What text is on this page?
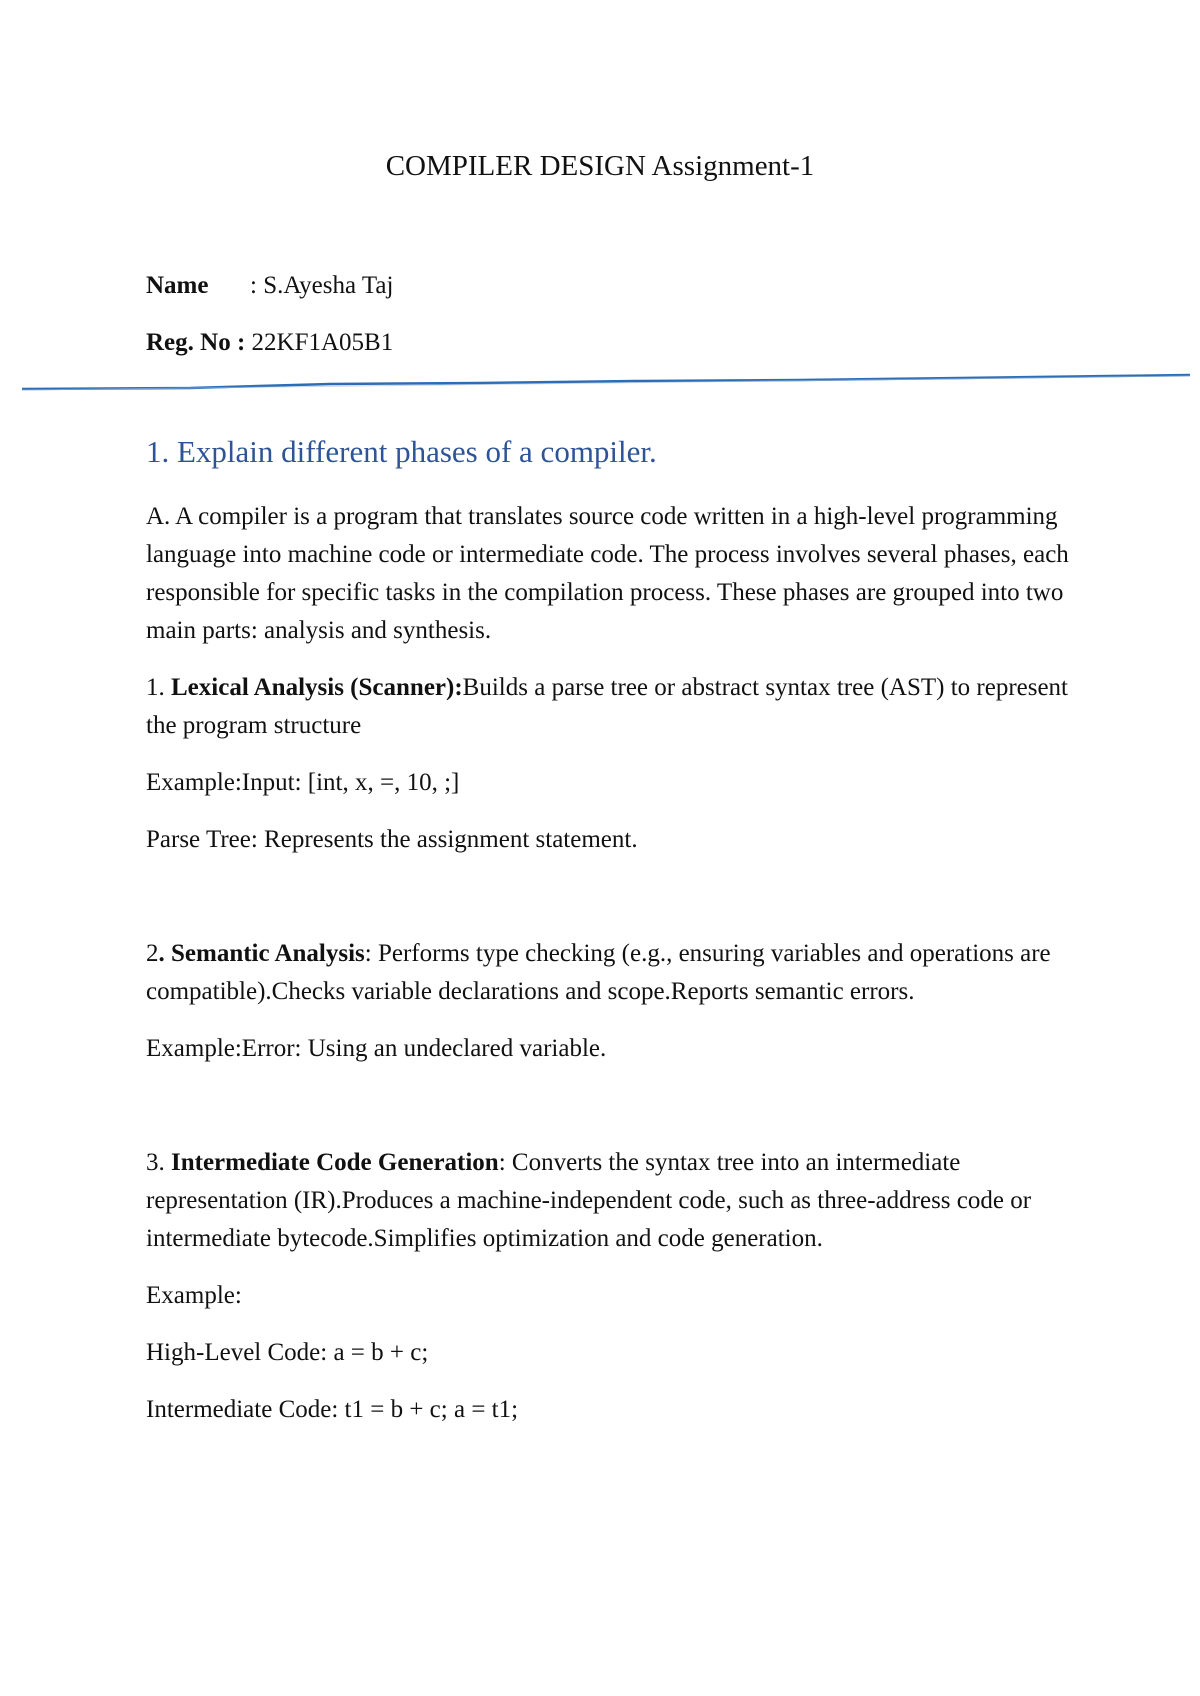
COMPILER DESIGN Assignment-1

Name : S.Ayesha Taj

Reg. No : 22KF1A05B1

1. Explain different phases of a compiler.

A. A compiler is a program that translates source code written in a high-level programming language into machine code or intermediate code. The process involves several phases, each responsible for specific tasks in the compilation process. These phases are grouped into two main parts: analysis and synthesis.

1. Lexical Analysis (Scanner):Builds a parse tree or abstract syntax tree (AST) to represent the program structure

Example:Input: [int, x, =, 10, ;]

Parse Tree: Represents the assignment statement.

2. Semantic Analysis: Performs type checking (e.g., ensuring variables and operations are compatible).Checks variable declarations and scope.Reports semantic errors.

Example:Error: Using an undeclared variable.

3. Intermediate Code Generation: Converts the syntax tree into an intermediate representation (IR).Produces a machine-independent code, such as three-address code or intermediate bytecode.Simplifies optimization and code generation.

Example:

High-Level Code: a = b + c;

Intermediate Code: t1 = b + c; a = t1;
